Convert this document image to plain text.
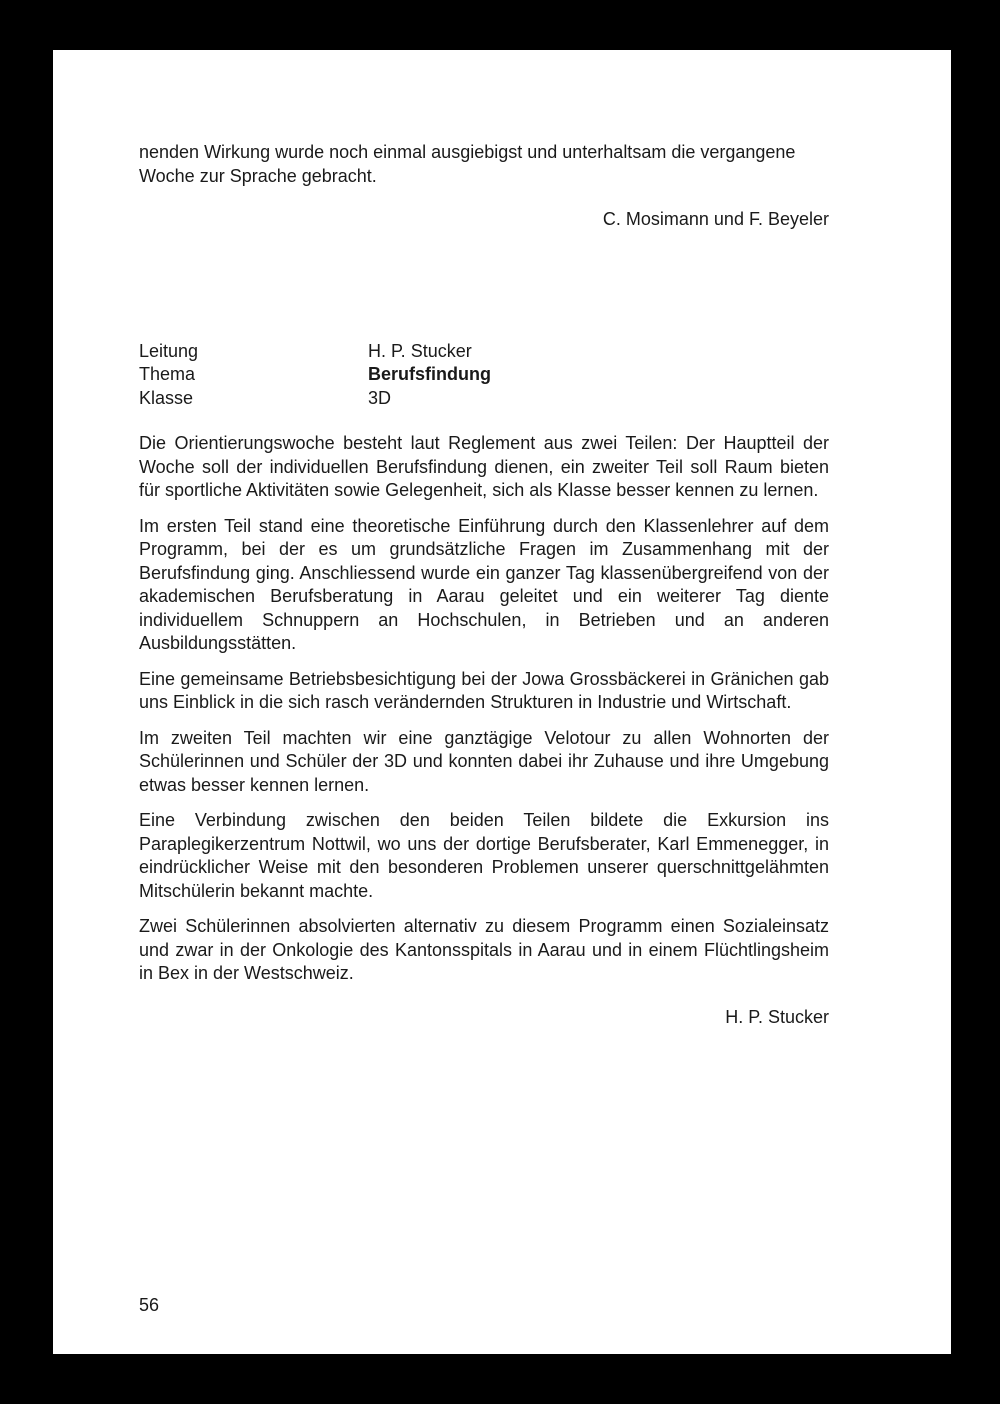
nenden Wirkung wurde noch einmal ausgiebigst und unterhaltsam die vergangene Woche zur Sprache gebracht.

C. Mosimann und F. Beyeler

Leitung	H. P. Stucker
Thema	Berufsfindung
Klasse	3D

Die Orientierungswoche besteht laut Reglement aus zwei Teilen: Der Hauptteil der Woche soll der individuellen Berufsfindung dienen, ein zweiter Teil soll Raum bieten für sportliche Aktivitäten sowie Gelegenheit, sich als Klasse besser kennen zu lernen.

Im ersten Teil stand eine theoretische Einführung durch den Klassenlehrer auf dem Programm, bei der es um grundsätzliche Fragen im Zusammenhang mit der Berufsfindung ging. Anschliessend wurde ein ganzer Tag klassenübergreifend von der akademischen Berufsberatung in Aarau geleitet und ein weiterer Tag diente individuellem Schnuppern an Hochschulen, in Betrieben und an anderen Ausbildungsstätten.

Eine gemeinsame Betriebsbesichtigung bei der Jowa Grossbäckerei in Gränichen gab uns Einblick in die sich rasch verändernden Strukturen in Industrie und Wirtschaft.

Im zweiten Teil machten wir eine ganztägige Velotour zu allen Wohnorten der Schülerinnen und Schüler der 3D und konnten dabei ihr Zuhause und ihre Umgebung etwas besser kennen lernen.

Eine Verbindung zwischen den beiden Teilen bildete die Exkursion ins Paraplegikerzentrum Nottwil, wo uns der dortige Berufsberater, Karl Emmenegger, in eindrücklicher Weise mit den besonderen Problemen unserer querschnittgelähmten Mitschülerin bekannt machte.

Zwei Schülerinnen absolvierten alternativ zu diesem Programm einen Sozialeinsatz und zwar in der Onkologie des Kantonsspitals in Aarau und in einem Flüchtlingsheim in Bex in der Westschweiz.

H. P. Stucker

56
